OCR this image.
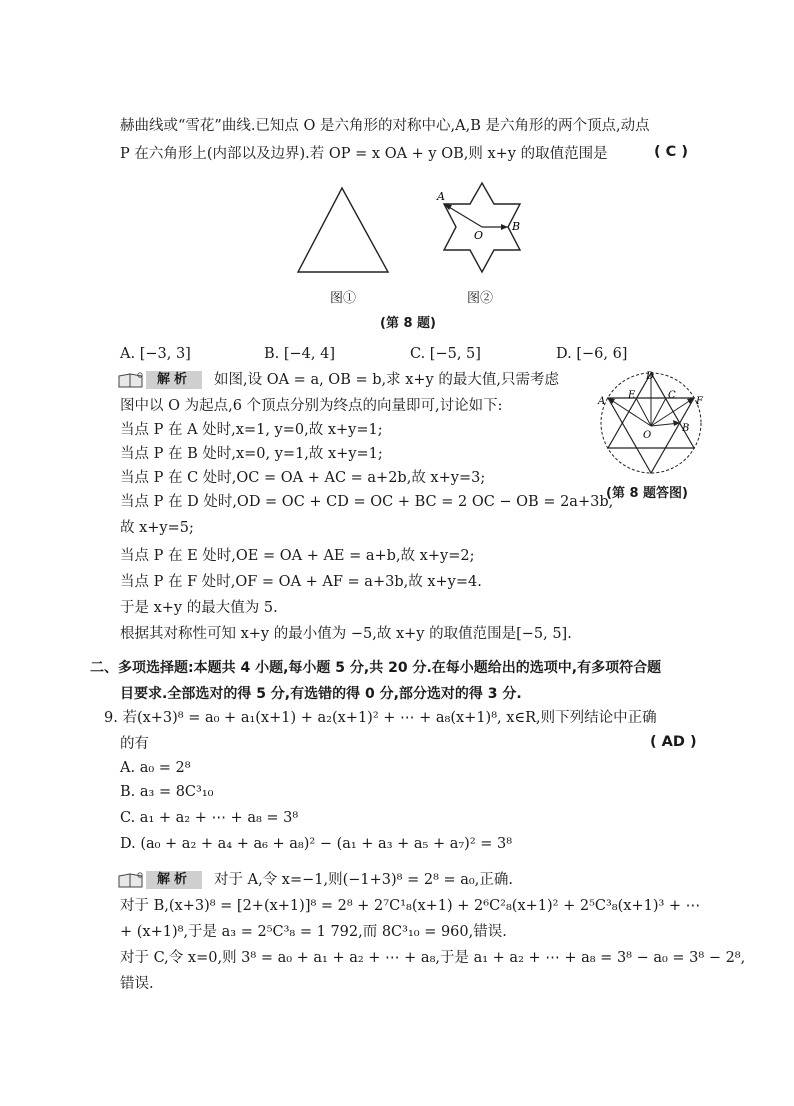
赫曲线或“雪花”曲线.已知点 O 是六角形的对称中心,A,B 是六角形的两个顶点,动点
P 在六角形上(内部以及边界).若 OP = x OA + y OB,则 x+y 的取值范围是	( C )
图①
A
O
B
图②
(第 8 题)
A. [−3, 3]	B. [−4, 4]	C. [−5, 5]	D. [−6, 6]
解析	如图,设 OA = a, OB = b,求 x+y 的最大值,只需考虑
图中以 O 为起点,6 个顶点分别为终点的向量即可,讨论如下:
当点 P 在 A 处时,x=1, y=0,故 x+y=1;
当点 P 在 B 处时,x=0, y=1,故 x+y=1;
当点 P 在 C 处时,OC = OA + AC = a+2b,故 x+y=3;
当点 P 在 D 处时,OD = OC + CD = OC + BC = 2 OC − OB = 2a+3b,
故 x+y=5;
当点 P 在 E 处时,OE = OA + AE = a+b,故 x+y=2;
当点 P 在 F 处时,OF = OA + AF = a+3b,故 x+y=4.
于是 x+y 的最大值为 5.
根据其对称性可知 x+y 的最小值为 −5,故 x+y 的取值范围是[−5, 5].
D
A
E	C
F
B
O
(第 8 题答图)
二、多项选择题:本题共 4 小题,每小题 5 分,共 20 分.在每小题给出的选项中,有多项符合题
目要求.全部选对的得 5 分,有选错的得 0 分,部分选对的得 3 分.
9. 若(x+3)⁸ = a₀ + a₁(x+1) + a₂(x+1)² + ⋯ + a₈(x+1)⁸, x∈R,则下列结论中正确
的有	( AD )
A. a₀ = 2⁸
B. a₃ = 8C³₁₀
C. a₁ + a₂ + ⋯ + a₈ = 3⁸
D. (a₀ + a₂ + a₄ + a₆ + a₈)² − (a₁ + a₃ + a₅ + a₇)² = 3⁸
解析	对于 A,令 x=−1,则(−1+3)⁸ = 2⁸ = a₀,正确.
对于 B,(x+3)⁸ = [2+(x+1)]⁸ = 2⁸ + 2⁷C¹₈(x+1) + 2⁶C²₈(x+1)² + 2⁵C³₈(x+1)³ + ⋯
+ (x+1)⁸,于是 a₃ = 2⁵C³₈ = 1 792,而 8C³₁₀ = 960,错误.
对于 C,令 x=0,则 3⁸ = a₀ + a₁ + a₂ + ⋯ + a₈,于是 a₁ + a₂ + ⋯ + a₈ = 3⁸ − a₀ = 3⁸ − 2⁸,
错误.
